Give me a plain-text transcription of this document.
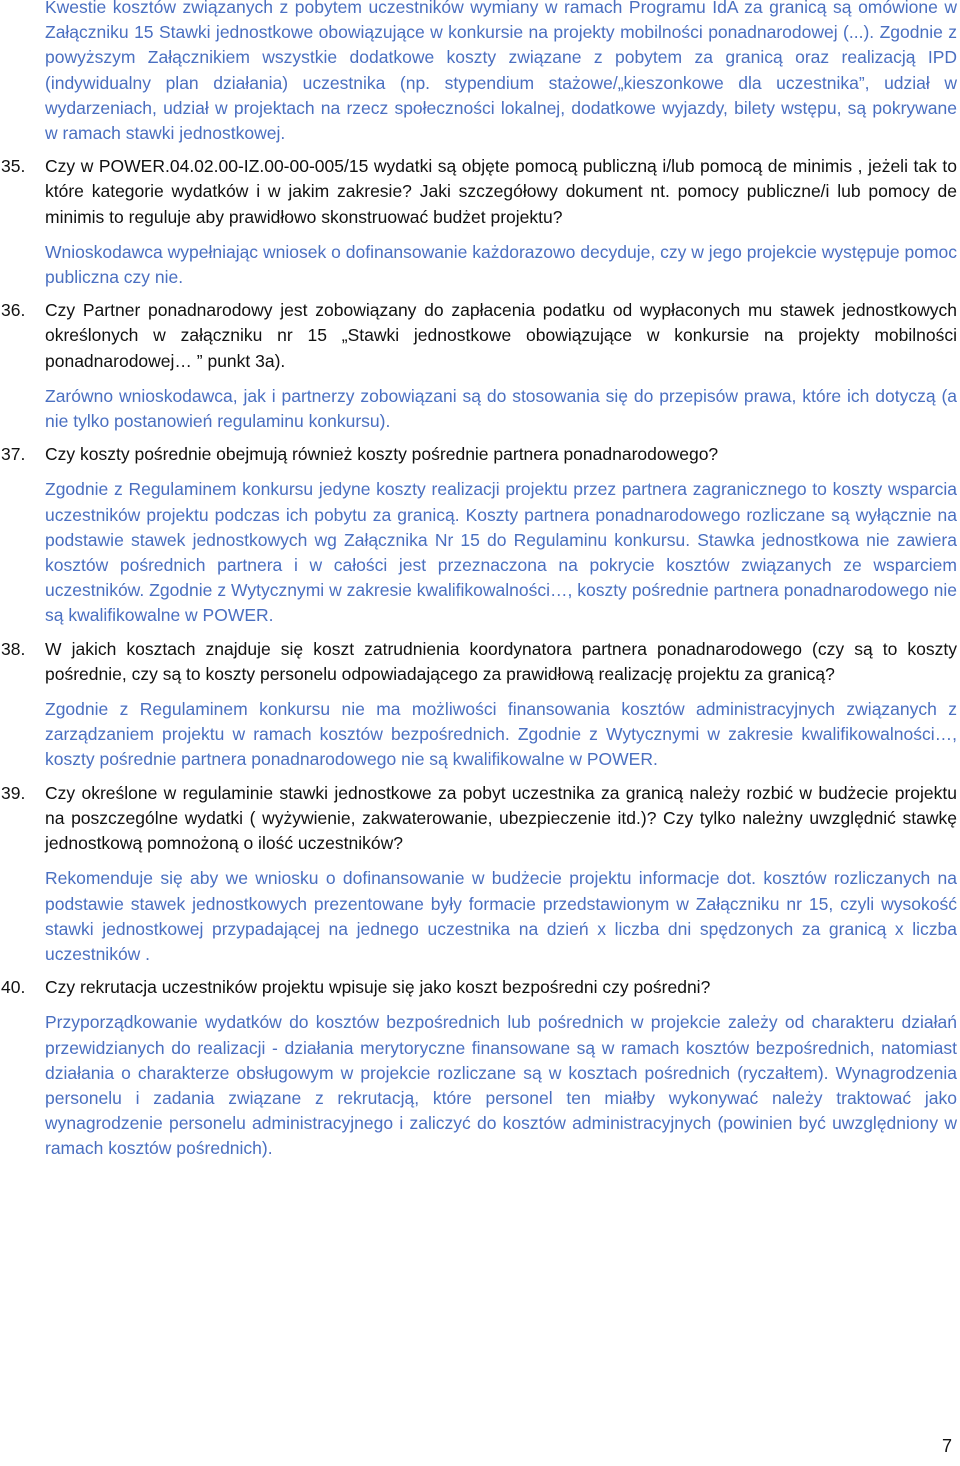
Kwestie kosztów związanych z pobytem uczestników wymiany w ramach Programu IdA za granicą są omówione w Załączniku 15 Stawki jednostkowe obowiązujące w konkursie na projekty mobilności ponadnarodowej (...). Zgodnie z powyższym Załącznikiem wszystkie dodatkowe koszty związane z pobytem za granicą oraz realizacją IPD (indywidualny plan działania) uczestnika (np. stypendium stażowe/„kieszonkowe dla uczestnika”, udział w wydarzeniach, udział w projektach na rzecz społeczności lokalnej, dodatkowe wyjazdy, bilety wstępu, są pokrywane w ramach stawki jednostkowej.

35. Czy w POWER.04.02.00-IZ.00-00-005/15 wydatki są objęte pomocą publiczną i/lub pomocą de minimis , jeżeli tak to które kategorie wydatków i w jakim zakresie? Jaki szczegółowy dokument nt. pomocy publiczne/i lub pomocy de minimis to reguluje aby prawidłowo skonstruować budżet projektu?

Wnioskodawca wypełniając wniosek o dofinansowanie każdorazowo decyduje, czy w jego projekcie występuje pomoc publiczna czy nie.

36. Czy Partner ponadnarodowy jest zobowiązany do zapłacenia podatku od wypłaconych mu stawek jednostkowych określonych w załączniku nr 15 „Stawki jednostkowe obowiązujące w konkursie na projekty mobilności ponadnarodowej… ” punkt 3a).

Zarówno wnioskodawca, jak i partnerzy zobowiązani są do stosowania się do przepisów prawa, które ich dotyczą (a nie tylko postanowień regulaminu konkursu).

37. Czy koszty pośrednie obejmują również koszty pośrednie partnera ponadnarodowego?

Zgodnie z Regulaminem konkursu jedyne koszty realizacji projektu przez partnera zagranicznego to koszty wsparcia uczestników projektu podczas ich pobytu za granicą. Koszty partnera ponadnarodowego rozliczane są wyłącznie na podstawie stawek jednostkowych wg Załącznika Nr 15 do Regulaminu konkursu. Stawka jednostkowa nie zawiera kosztów pośrednich partnera i w całości jest przeznaczona na pokrycie kosztów związanych ze wsparciem uczestników. Zgodnie z Wytycznymi w zakresie kwalifikowalności…, koszty pośrednie partnera ponadnarodowego nie są kwalifikowalne w POWER.

38. W jakich kosztach znajduje się koszt zatrudnienia koordynatora partnera ponadnarodowego (czy są to koszty pośrednie, czy są to koszty personelu odpowiadającego za prawidłową realizację projektu za granicą?

Zgodnie z Regulaminem konkursu nie ma możliwości finansowania kosztów administracyjnych związanych z zarządzaniem projektu w ramach kosztów bezpośrednich. Zgodnie z Wytycznymi w zakresie kwalifikowalności…, koszty pośrednie partnera ponadnarodowego nie są kwalifikowalne w POWER.

39. Czy określone w regulaminie stawki jednostkowe za pobyt uczestnika za granicą należy rozbić w budżecie projektu na poszczególne wydatki ( wyżywienie, zakwaterowanie, ubezpieczenie itd.)? Czy tylko należny uwzględnić stawkę jednostkową pomnożoną o ilość uczestników?

Rekomenduje się aby we wniosku o dofinansowanie w budżecie projektu informacje dot. kosztów rozliczanych na podstawie stawek jednostkowych prezentowane były formacie przedstawionym w Załączniku nr 15, czyli wysokość stawki jednostkowej przypadającej na jednego uczestnika na dzień x liczba dni spędzonych za granicą x liczba uczestników .

40. Czy rekrutacja uczestników projektu wpisuje się jako koszt bezpośredni czy pośredni?

Przyporządkowanie wydatków do kosztów bezpośrednich lub pośrednich w projekcie zależy od charakteru działań przewidzianych do realizacji - działania merytoryczne finansowane są w ramach kosztów bezpośrednich, natomiast działania o charakterze obsługowym w projekcie rozliczane są w kosztach pośrednich (ryczałtem). Wynagrodzenia personelu i zadania związane z rekrutacją, które personel ten miałby wykonywać należy traktować jako wynagrodzenie personelu administracyjnego i zaliczyć do kosztów administracyjnych (powinien być uwzględniony w ramach kosztów pośrednich).

7
